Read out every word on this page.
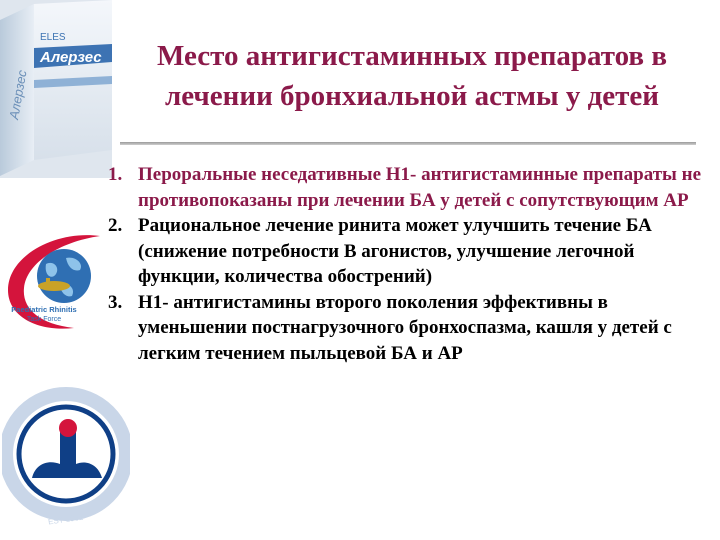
ELES
Алерзес
Алерзес
Место антигистаминных препаратов в лечении бронхиальной астмы у детей
Paediatric Rhinitis
Task Force
EST 1962
1. Пероральные неседативные Н1- антигистаминные препараты не противопоказаны при лечении БА у детей с сопутствующим АР
2. Рациональное лечение ринита может улучшить течение БА (снижение потребности В агонистов, улучшение легочной функции, количества обострений)
3. Н1- антигистамины второго поколения эффективны в уменьшении постнагрузочного бронхоспазма, кашля у детей с легким течением пыльцевой БА и АР
